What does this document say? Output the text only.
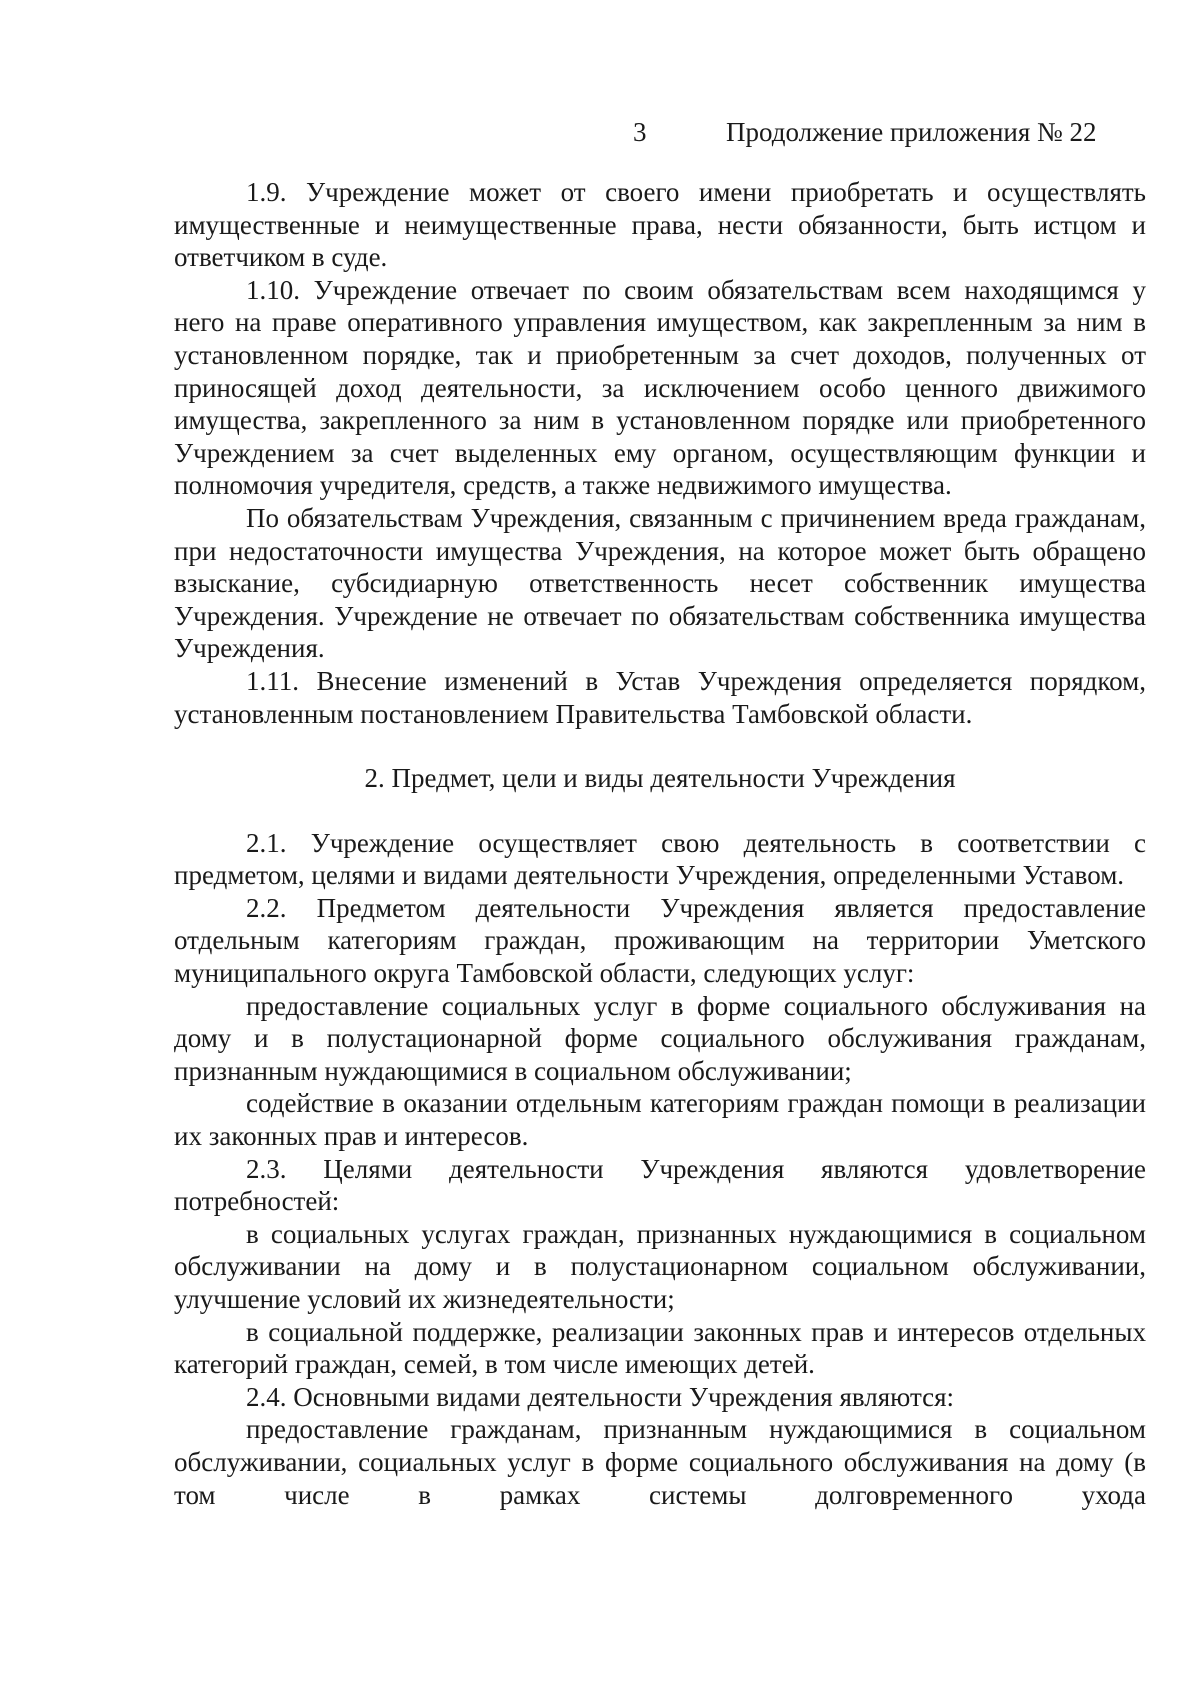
3	Продолжение приложения № 22

1.9. Учреждение может от своего имени приобретать и осуществлять имущественные и неимущественные права, нести обязанности, быть истцом и ответчиком в суде.

1.10. Учреждение отвечает по своим обязательствам всем находящимся у него на праве оперативного управления имуществом, как закрепленным за ним в установленном порядке, так и приобретенным за счет доходов, полученных от приносящей доход деятельности, за исключением особо ценного движимого имущества, закрепленного за ним в установленном порядке или приобретенного Учреждением за счет выделенных ему органом, осуществляющим функции и полномочия учредителя, средств, а также недвижимого имущества.

По обязательствам Учреждения, связанным с причинением вреда гражданам, при недостаточности имущества Учреждения, на которое может быть обращено взыскание, субсидиарную ответственность несет собственник имущества Учреждения. Учреждение не отвечает по обязательствам собственника имущества Учреждения.

1.11. Внесение изменений в Устав Учреждения определяется порядком, установленным постановлением Правительства Тамбовской области.

2. Предмет, цели и виды деятельности Учреждения

2.1. Учреждение осуществляет свою деятельность в соответствии с предметом, целями и видами деятельности Учреждения, определенными Уставом.

2.2. Предметом деятельности Учреждения является предоставление отдельным категориям граждан, проживающим на территории Уметского муниципального округа Тамбовской области, следующих услуг:

предоставление социальных услуг в форме социального обслуживания на дому и в полустационарной форме социального обслуживания гражданам, признанным нуждающимися в социальном обслуживании;

содействие в оказании отдельным категориям граждан помощи в реализации их законных прав и интересов.

2.3. Целями деятельности Учреждения являются удовлетворение потребностей:

в социальных услугах граждан, признанных нуждающимися в социальном обслуживании на дому и в полустационарном социальном обслуживании, улучшение условий их жизнедеятельности;

в социальной поддержке, реализации законных прав и интересов отдельных категорий граждан, семей, в том числе имеющих детей.

2.4. Основными видами деятельности Учреждения являются:

предоставление гражданам, признанным нуждающимися в социальном обслуживании, социальных услуг в форме социального обслуживания на дому (в том числе в рамках системы долговременного ухода
